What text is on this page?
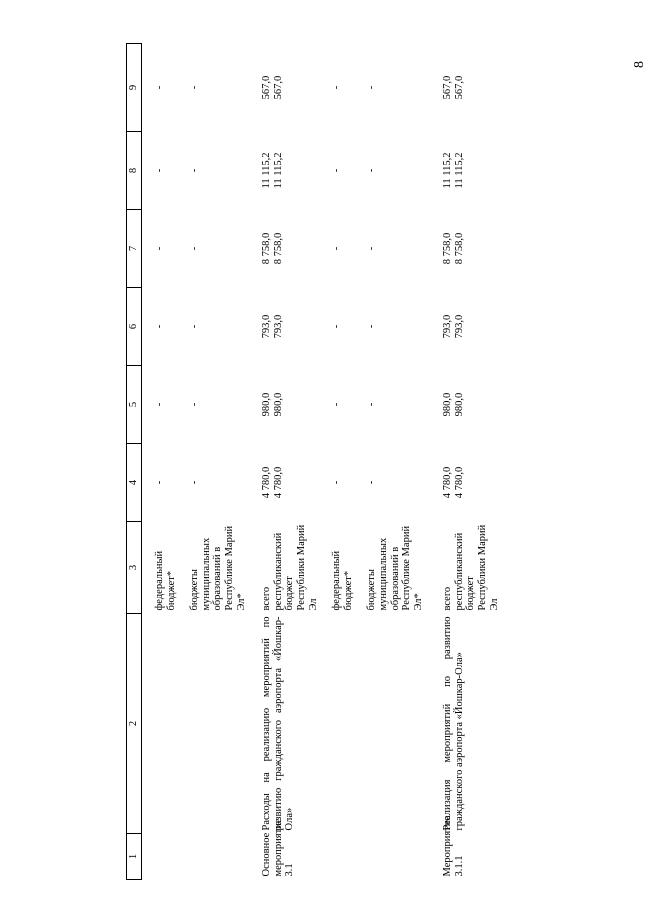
8
1	2	3	4	5	6	7	8	9

		федеральный бюджет*	-	-	-	-	-	-

		бюджеты муниципальных образований в Республике Марий Эл*	-	-	-	-	-	-

Основное мероприятие 3.1	Расходы на реализацию мероприятий по развитию гражданского аэропорта «Йошкар-Ола»	всего	4 780,0	980,0	793,0	8 758,0	11 115,2	567,0
		республиканский бюджет Республики Марий Эл	4 780,0	980,0	793,0	8 758,0	11 115,2	567,0

		федеральный бюджет*	-	-	-	-	-	-

		бюджеты муниципальных образований в Республике Марий Эл*	-	-	-	-	-	-

Мероприятие 3.1.1	Реализация мероприятий по развитию гражданского аэропорта «Йошкар-Ола»	всего	4 780,0	980,0	793,0	8 758,0	11 115,2	567,0
		республиканский бюджет Республики Марий Эл	4 780,0	980,0	793,0	8 758,0	11 115,2	567,0
